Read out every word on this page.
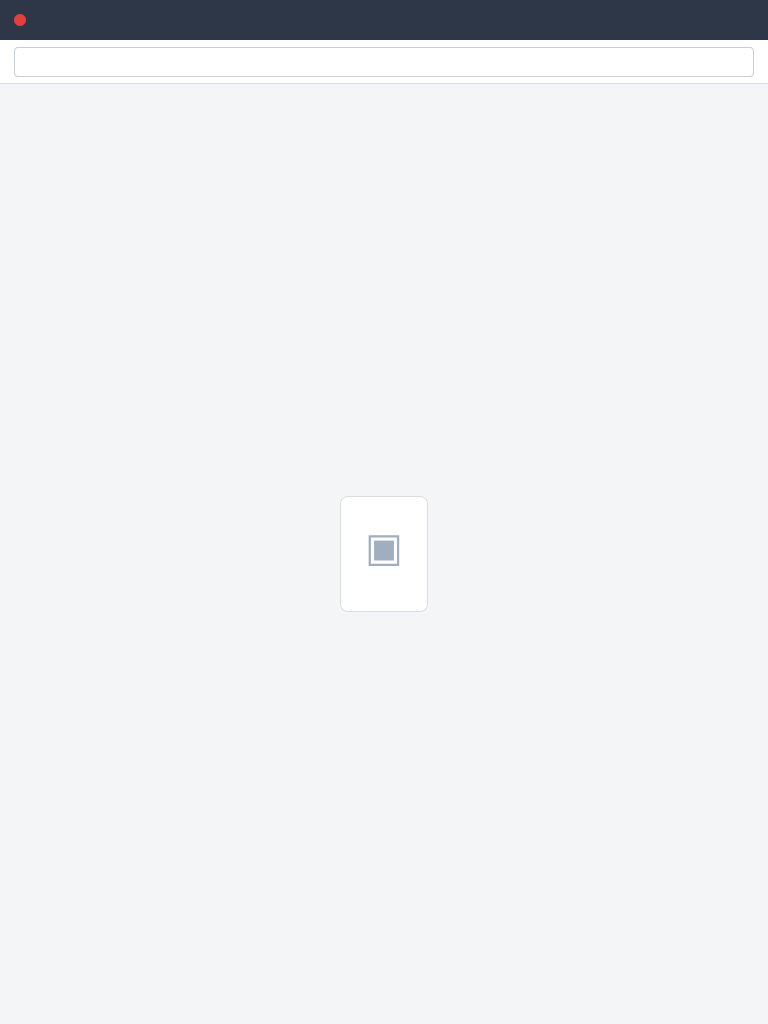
▣
